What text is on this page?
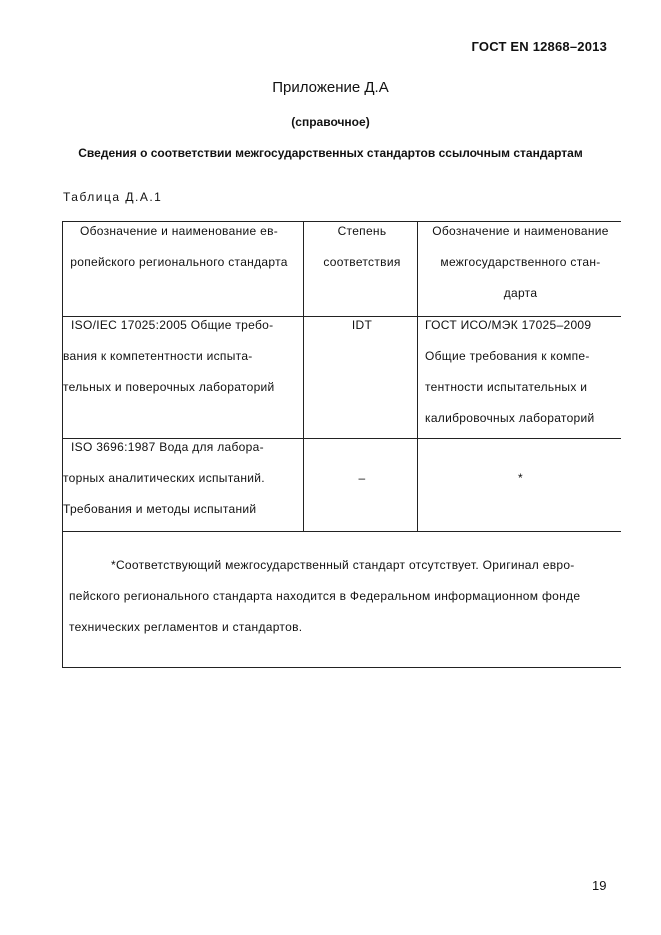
ГОСТ EN 12868–2013
Приложение Д.А
(справочное)
Сведения о соответствии межгосударственных стандартов ссылочным стандартам
Таблица Д.А.1
Обозначение и наименование ев-
ропейского регионального стандарта
Степень
соответствия
Обозначение и наименование
межгосударственного стан-
дарта
ISO/IEC 17025:2005 Общие требо-
вания к компетентности испыта-
тельных и поверочных лабораторий
IDT	ГОСТ ИСО/МЭК 17025–2009
Общие требования к компе-
тентности испытательных и
калибровочных лабораторий
ISO 3696:1987 Вода для лабора-
торных аналитических испытаний.
Требования и методы испытаний
–	*
*Соответствующий межгосударственный стандарт отсутствует. Оригинал евро-
пейского регионального стандарта находится в Федеральном информационном фонде
технических регламентов и стандартов.
19
